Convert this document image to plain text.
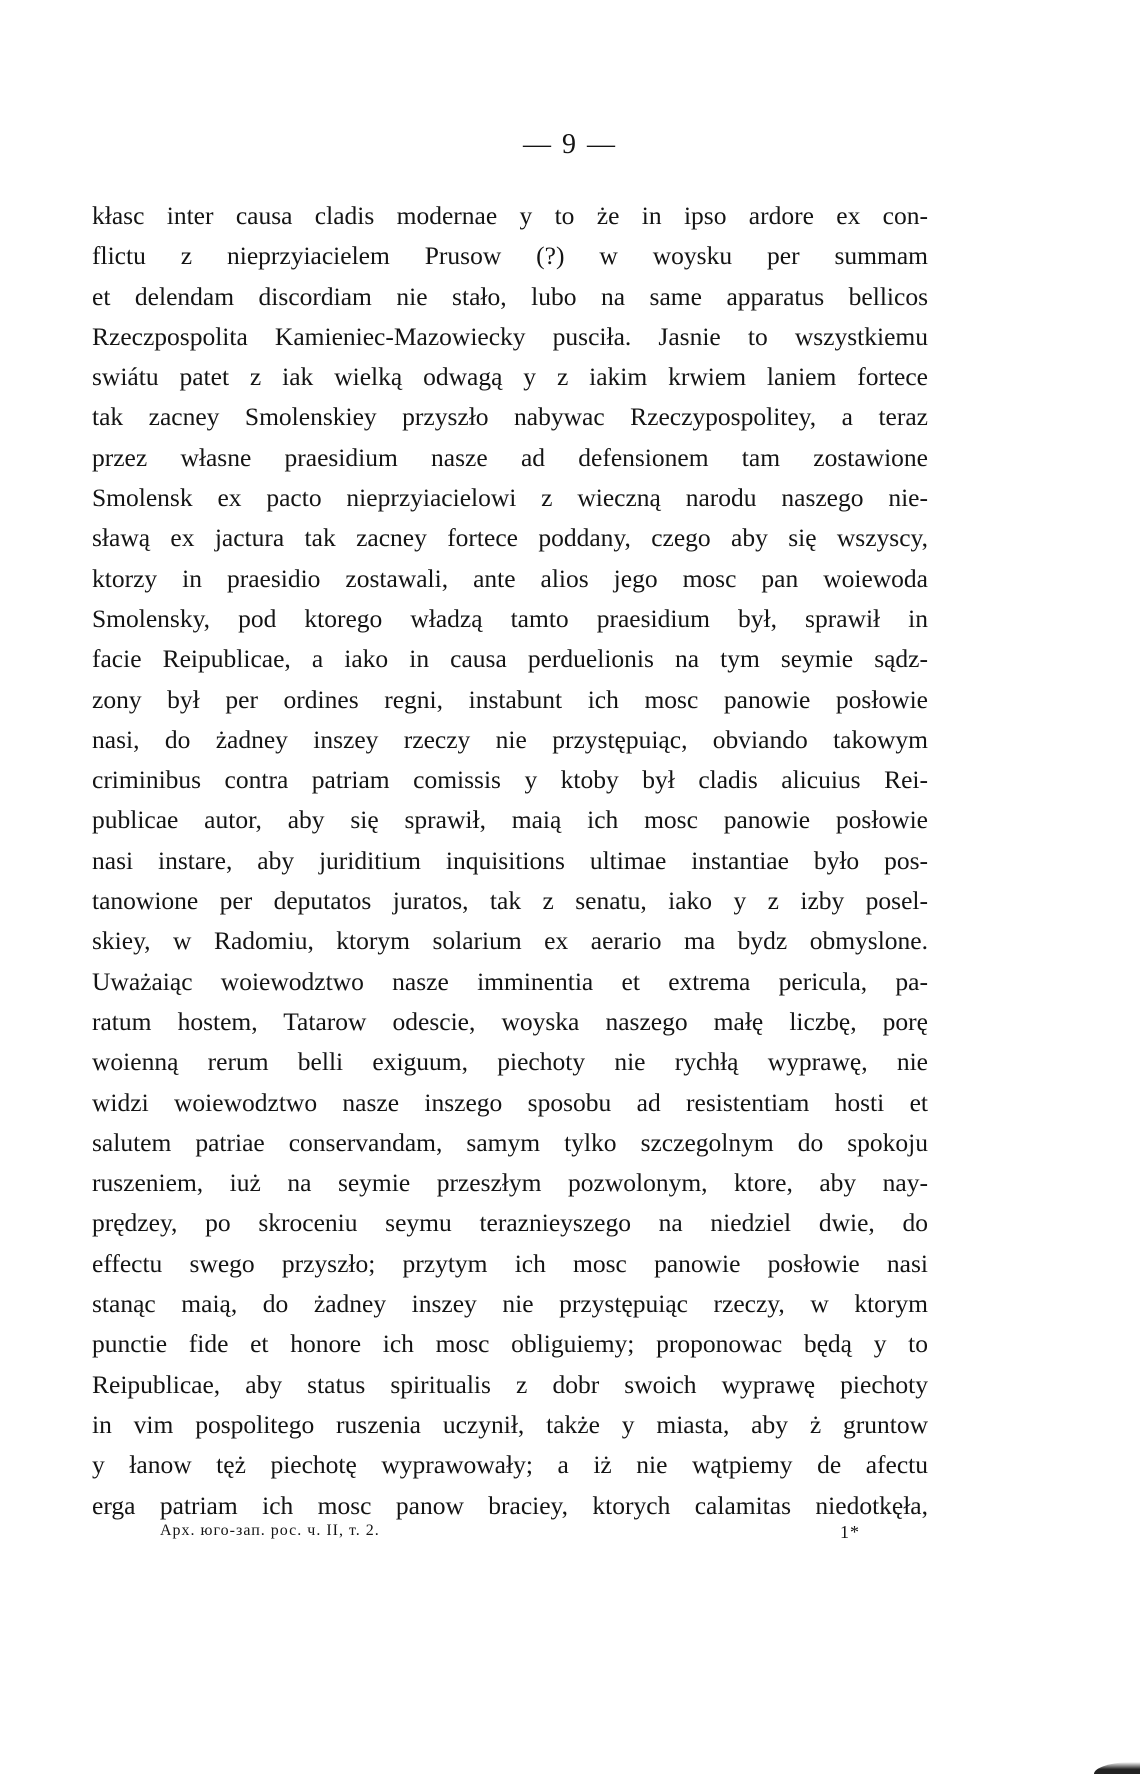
— 9 —
kłasc inter causa cladis modernae y to że in ipso ardore ex con-
flictu z nieprzyiacielem Prusow (?) w woysku per summam
et delendam discordiam nie stało, lubo na same apparatus bellicos
Rzeczpospolita Kamieniec-Mazowiecky pusciła. Jasnie to wszystkiemu
swiátu patet z iak wielką odwagą y z iakim krwiem laniem fortece
tak zacney Smolenskiey przyszło nabywac Rzeczypospolitey, a teraz
przez własne praesidium nasze ad defensionem tam zostawione
Smolensk ex pacto nieprzyiacielowi z wieczną narodu naszego nie-
sławą ex jactura tak zacney fortece poddany, czego aby się wszyscy,
ktorzy in praesidio zostawali, ante alios jego mosc pan woiewoda
Smolensky, pod ktorego władzą tamto praesidium był, sprawił in
facie Reipublicae, a iako in causa perduelionis na tym seymie sądz-
zony był per ordines regni, instabunt ich mosc panowie posłowie
nasi, do żadney inszey rzeczy nie przystępuiąc, obviando takowym
criminibus contra patriam comissis y ktoby był cladis alicuius Rei-
publicae autor, aby się sprawił, maią ich mosc panowie posłowie
nasi instare, aby juriditium inquisitions ultimae instantiae było pos-
tanowione per deputatos juratos, tak z senatu, iako y z izby posel-
skiey, w Radomiu, ktorym solarium ex aerario ma bydz obmyslone.
Uważaiąc woiewodztwo nasze imminentia et extrema pericula, pa-
ratum hostem, Tatarow odescie, woyska naszego małę liczbę, porę
woienną rerum belli exiguum, piechoty nie rychłą wyprawę, nie
widzi woiewodztwo nasze inszego sposobu ad resistentiam hosti et
salutem patriae conservandam, samym tylko szczegolnym do spokoju
ruszeniem, iuż na seymie przeszłym pozwolonym, ktore, aby nay-
prędzey, po skroceniu seymu teraznieyszego na niedziel dwie, do
effectu swego przyszło; przytym ich mosc panowie posłowie nasi
stanąc maią, do żadney inszey nie przystępuiąc rzeczy, w ktorym
punctie fide et honore ich mosc obliguiemy; proponowac będą y to
Reipublicae, aby status spiritualis z dobr swoich wyprawę piechoty
in vim pospolitego ruszenia uczynił, także y miasta, aby ż gruntow
y łanow tęż piechotę wyprawowały; a iż nie wątpiemy de afectu
erga patriam ich mosc panow braciey, ktorych calamitas niedotkęła,
Арх. юго-зап. рос. ч. II, т. 2.	1*
